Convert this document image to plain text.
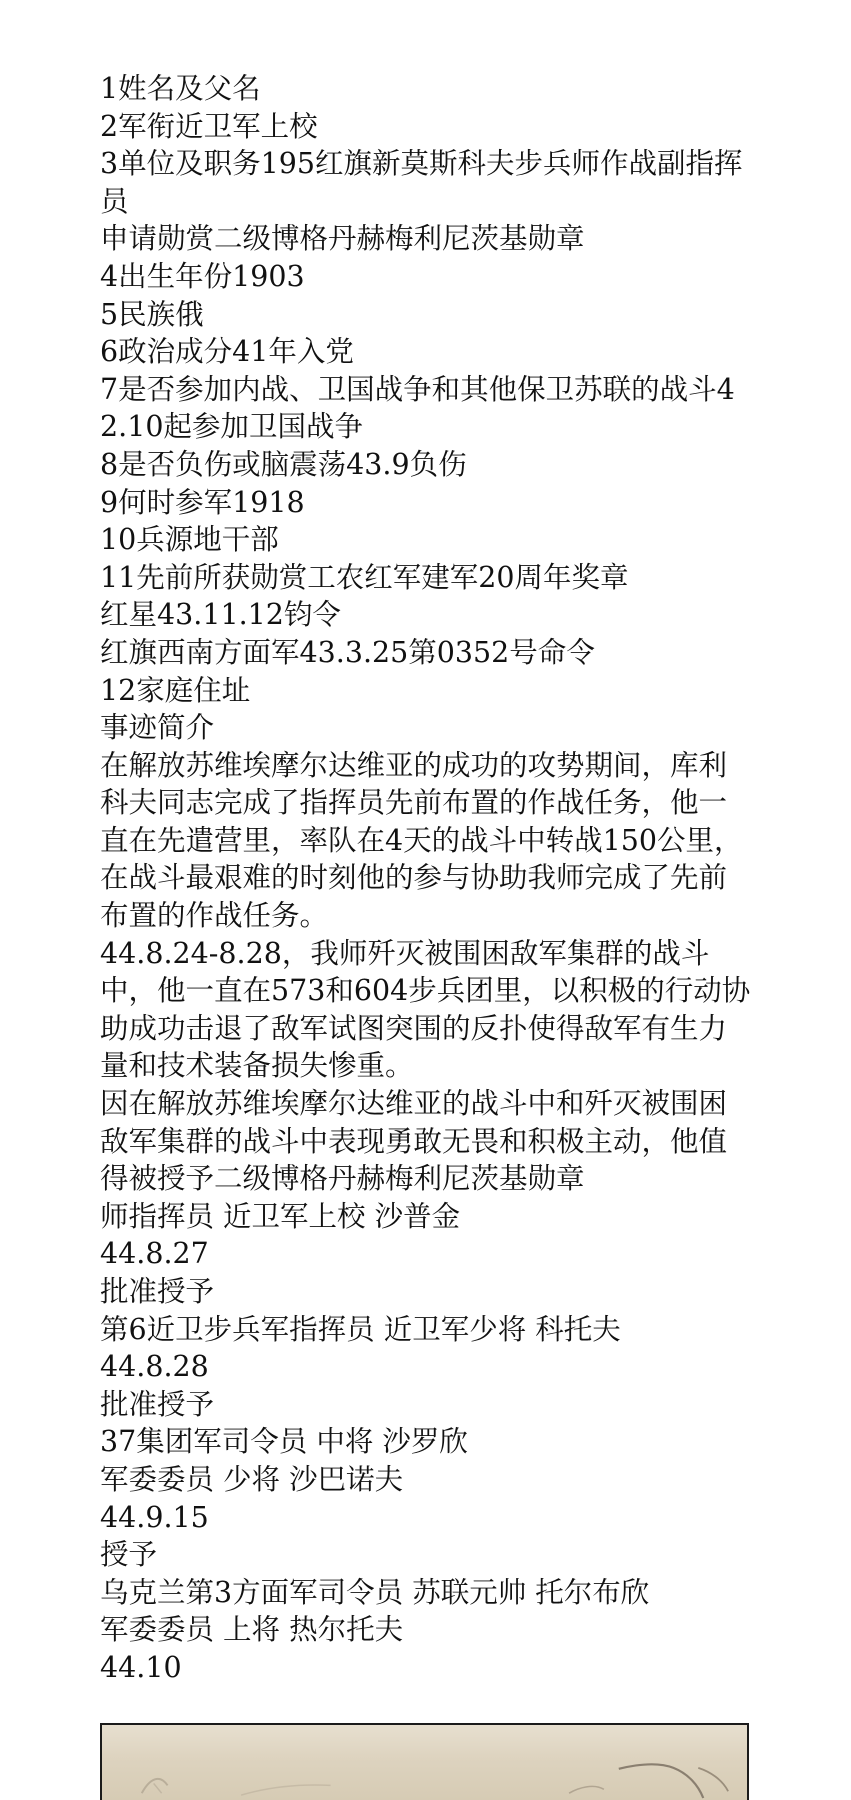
1姓名及父名

2军衔近卫军上校

3单位及职务195红旗新莫斯科夫步兵师作战副指挥员

申请勋赏二级博格丹赫梅利尼茨基勋章

4出生年份1903

5民族俄

6政治成分41年入党

7是否参加内战、卫国战争和其他保卫苏联的战斗42.10起参加卫国战争

8是否负伤或脑震荡43.9负伤

9何时参军1918

10兵源地干部

11先前所获勋赏工农红军建军20周年奖章

红星43.11.12钧令

红旗西南方面军43.3.25第0352号命令

12家庭住址

事迹简介

在解放苏维埃摩尔达维亚的成功的攻势期间，库利科夫同志完成了指挥员先前布置的作战任务，他一直在先遣营里，率队在4天的战斗中转战150公里，在战斗最艰难的时刻他的参与协助我师完成了先前布置的作战任务。

44.8.24-8.28，我师歼灭被围困敌军集群的战斗中，他一直在573和604步兵团里，以积极的行动协助成功击退了敌军试图突围的反扑使得敌军有生力量和技术装备损失惨重。

因在解放苏维埃摩尔达维亚的战斗中和歼灭被围困敌军集群的战斗中表现勇敢无畏和积极主动，他值得被授予二级博格丹赫梅利尼茨基勋章

师指挥员 近卫军上校 沙普金

44.8.27

批准授予

第6近卫步兵军指挥员 近卫军少将 科托夫

44.8.28

批准授予

37集团军司令员 中将 沙罗欣

军委委员 少将 沙巴诺夫

44.9.15

授予

乌克兰第3方面军司令员 苏联元帅 托尔布欣

军委委员 上将 热尔托夫

44.10
